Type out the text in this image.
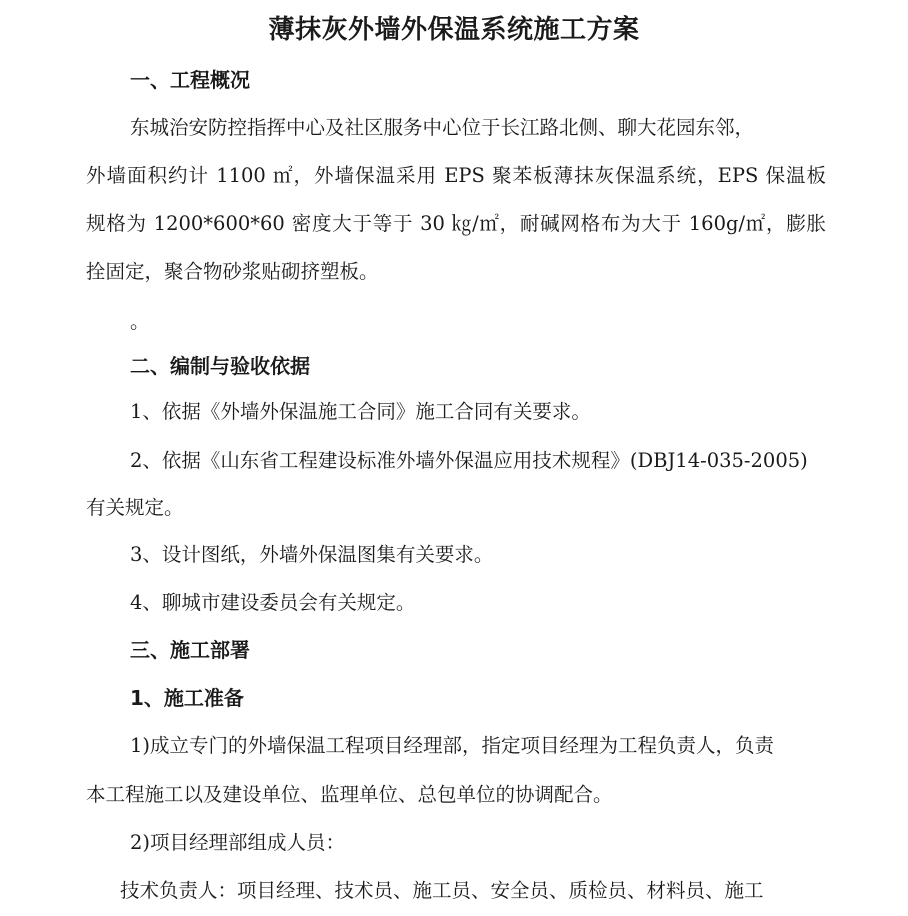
薄抹灰外墙外保温系统施工方案
一、工程概况
东城治安防控指挥中心及社区服务中心位于长江路北侧、聊大花园东邻，
外墙面积约计 1100 ㎡，外墙保温采用 EPS 聚苯板薄抹灰保温系统，EPS 保温板
规格为 1200*600*60 密度大于等于 30 ㎏/㎡，耐碱网格布为大于 160g/㎡，膨胀
拴固定，聚合物砂浆贴砌挤塑板。
。
二、编制与验收依据
1、依据《外墙外保温施工合同》施工合同有关要求。
2、依据《山东省工程建设标准外墙外保温应用技术规程》(DBJ14-035-2005)
有关规定。
3、设计图纸，外墙外保温图集有关要求。
4、聊城市建设委员会有关规定。
三、施工部署
1、施工准备
1)成立专门的外墙保温工程项目经理部，指定项目经理为工程负责人，负责
本工程施工以及建设单位、监理单位、总包单位的协调配合。
2)项目经理部组成人员：
技术负责人：项目经理、技术员、施工员、安全员、质检员、材料员、施工
